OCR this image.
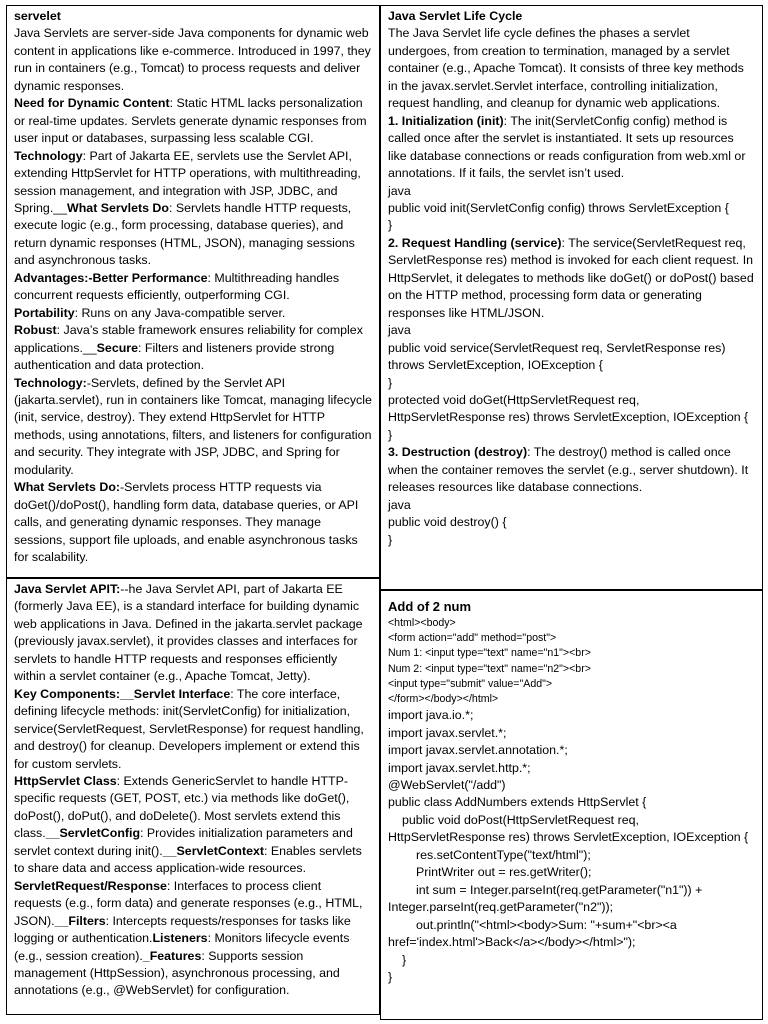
servelet

Java Servlets are server-side Java components for dynamic web content in applications like e-commerce. Introduced in 1997, they run in containers (e.g., Tomcat) to process requests and deliver dynamic responses.

Need for Dynamic Content: Static HTML lacks personalization or real-time updates. Servlets generate dynamic responses from user input or databases, surpassing less scalable CGI.

Technology: Part of Jakarta EE, servlets use the Servlet API, extending HttpServlet for HTTP operations, with multithreading, session management, and integration with JSP, JDBC, and Spring.__What Servlets Do: Servlets handle HTTP requests, execute logic (e.g., form processing, database queries), and return dynamic responses (HTML, JSON), managing sessions and asynchronous tasks.

Advantages:-Better Performance: Multithreading handles concurrent requests efficiently, outperforming CGI.

Portability: Runs on any Java-compatible server.

Robust: Java’s stable framework ensures reliability for complex applications.__Secure: Filters and listeners provide strong authentication and data protection.

Technology:-Servlets, defined by the Servlet API (jakarta.servlet), run in containers like Tomcat, managing lifecycle (init, service, destroy). They extend HttpServlet for HTTP methods, using annotations, filters, and listeners for configuration and security. They integrate with JSP, JDBC, and Spring for modularity.

What Servlets Do:-Servlets process HTTP requests via doGet()/doPost(), handling form data, database queries, or API calls, and generating dynamic responses. They manage sessions, support file uploads, and enable asynchronous tasks for scalability.

Java Servlet Life Cycle

The Java Servlet life cycle defines the phases a servlet undergoes, from creation to termination, managed by a servlet container (e.g., Apache Tomcat). It consists of three key methods in the javax.servlet.Servlet interface, controlling initialization, request handling, and cleanup for dynamic web applications.

1. Initialization (init): The init(ServletConfig config) method is called once after the servlet is instantiated. It sets up resources like database connections or reads configuration from web.xml or annotations. If it fails, the servlet isn’t used.

java

public void init(ServletConfig config) throws ServletException {

}

2. Request Handling (service): The service(ServletRequest req, ServletResponse res) method is invoked for each client request. In HttpServlet, it delegates to methods like doGet() or doPost() based on the HTTP method, processing form data or generating responses like HTML/JSON.

java

public void service(ServletRequest req, ServletResponse res) throws ServletException, IOException {

}

protected void doGet(HttpServletRequest req, HttpServletResponse res) throws ServletException, IOException {

}

3. Destruction (destroy): The destroy() method is called once when the container removes the servlet (e.g., server shutdown). It releases resources like database connections.

java

public void destroy() {

}

Java Servlet APIT:--he Java Servlet API, part of Jakarta EE (formerly Java EE), is a standard interface for building dynamic web applications in Java. Defined in the jakarta.servlet package (previously javax.servlet), it provides classes and interfaces for servlets to handle HTTP requests and responses efficiently within a servlet container (e.g., Apache Tomcat, Jetty).

Key Components:__Servlet Interface: The core interface, defining lifecycle methods: init(ServletConfig) for initialization, service(ServletRequest, ServletResponse) for request handling, and destroy() for cleanup. Developers implement or extend this for custom servlets.

HttpServlet Class: Extends GenericServlet to handle HTTP-specific requests (GET, POST, etc.) via methods like doGet(), doPost(), doPut(), and doDelete(). Most servlets extend this class.__ServletConfig: Provides initialization parameters and servlet context during init().__ServletContext: Enables servlets to share data and access application-wide resources.

ServletRequest/Response: Interfaces to process client requests (e.g., form data) and generate responses (e.g., HTML, JSON).__Filters: Intercepts requests/responses for tasks like logging or authentication.Listeners: Monitors lifecycle events (e.g., session creation)._Features: Supports session management (HttpSession), asynchronous processing, and annotations (e.g., @WebServlet) for configuration.

Add of 2 num

<html><body>

<form action="add" method="post">

Num 1: <input type="text" name="n1"><br>

Num 2: <input type="text" name="n2"><br>

<input type="submit" value="Add">

</form></body></html>

import java.io.*;

import javax.servlet.*;

import javax.servlet.annotation.*;

import javax.servlet.http.*;

@WebServlet("/add")

public class AddNumbers extends HttpServlet {

public void doPost(HttpServletRequest req, HttpServletResponse res) throws ServletException, IOException {

res.setContentType("text/html");

PrintWriter out = res.getWriter();

int sum = Integer.parseInt(req.getParameter("n1")) + Integer.parseInt(req.getParameter("n2"));

out.println("<html><body>Sum: "+sum+"<br><a href='index.html'>Back</a></body></html>");

}

}
